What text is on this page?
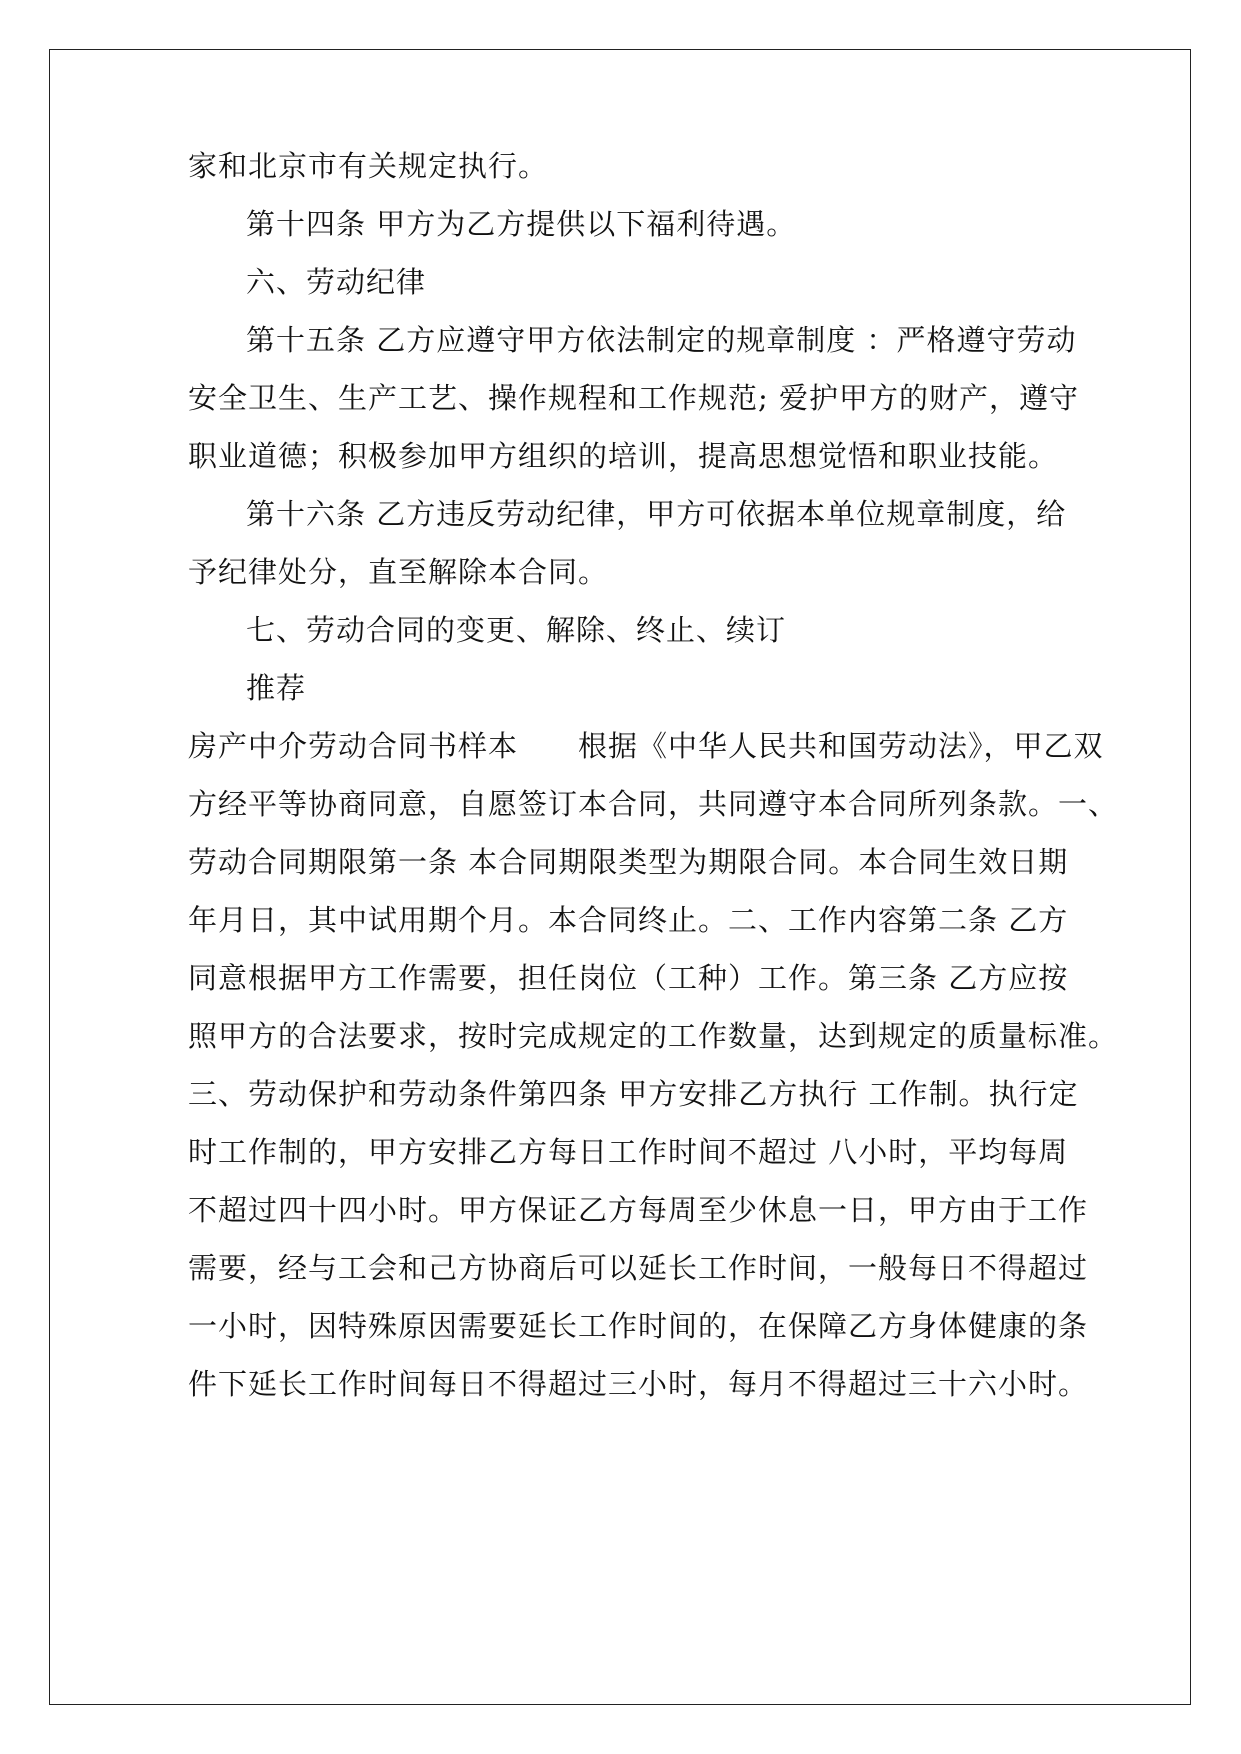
家和北京市有关规定执行。
第十四条 甲方为乙方提供以下福利待遇。
六、劳动纪律
第十五条 乙方应遵守甲方依法制定的规章制度 ：严格遵守劳动
安全卫生、生产工艺、操作规程和工作规范; 爱护甲方的财产，遵守
职业道德；积极参加甲方组织的培训，提高思想觉悟和职业技能。
第十六条 乙方违反劳动纪律，甲方可依据本单位规章制度，给
予纪律处分，直至解除本合同。
七、劳动合同的变更、解除、终止、续订
推荐
房产中介劳动合同书样本　　根据《中华人民共和国劳动法》，甲乙双
方经平等协商同意，自愿签订本合同，共同遵守本合同所列条款。一、
劳动合同期限第一条 本合同期限类型为期限合同。本合同生效日期
年月日，其中试用期个月。本合同终止。二、工作内容第二条 乙方
同意根据甲方工作需要，担任岗位（工种）工作。第三条 乙方应按
照甲方的合法要求，按时完成规定的工作数量，达到规定的质量标准。
三、劳动保护和劳动条件第四条 甲方安排乙方执行 工作制。执行定
时工作制的，甲方安排乙方每日工作时间不超过 八小时，平均每周
不超过四十四小时。甲方保证乙方每周至少休息一日，甲方由于工作
需要，经与工会和己方协商后可以延长工作时间，一般每日不得超过
一小时，因特殊原因需要延长工作时间的，在保障乙方身体健康的条
件下延长工作时间每日不得超过三小时，每月不得超过三十六小时。
